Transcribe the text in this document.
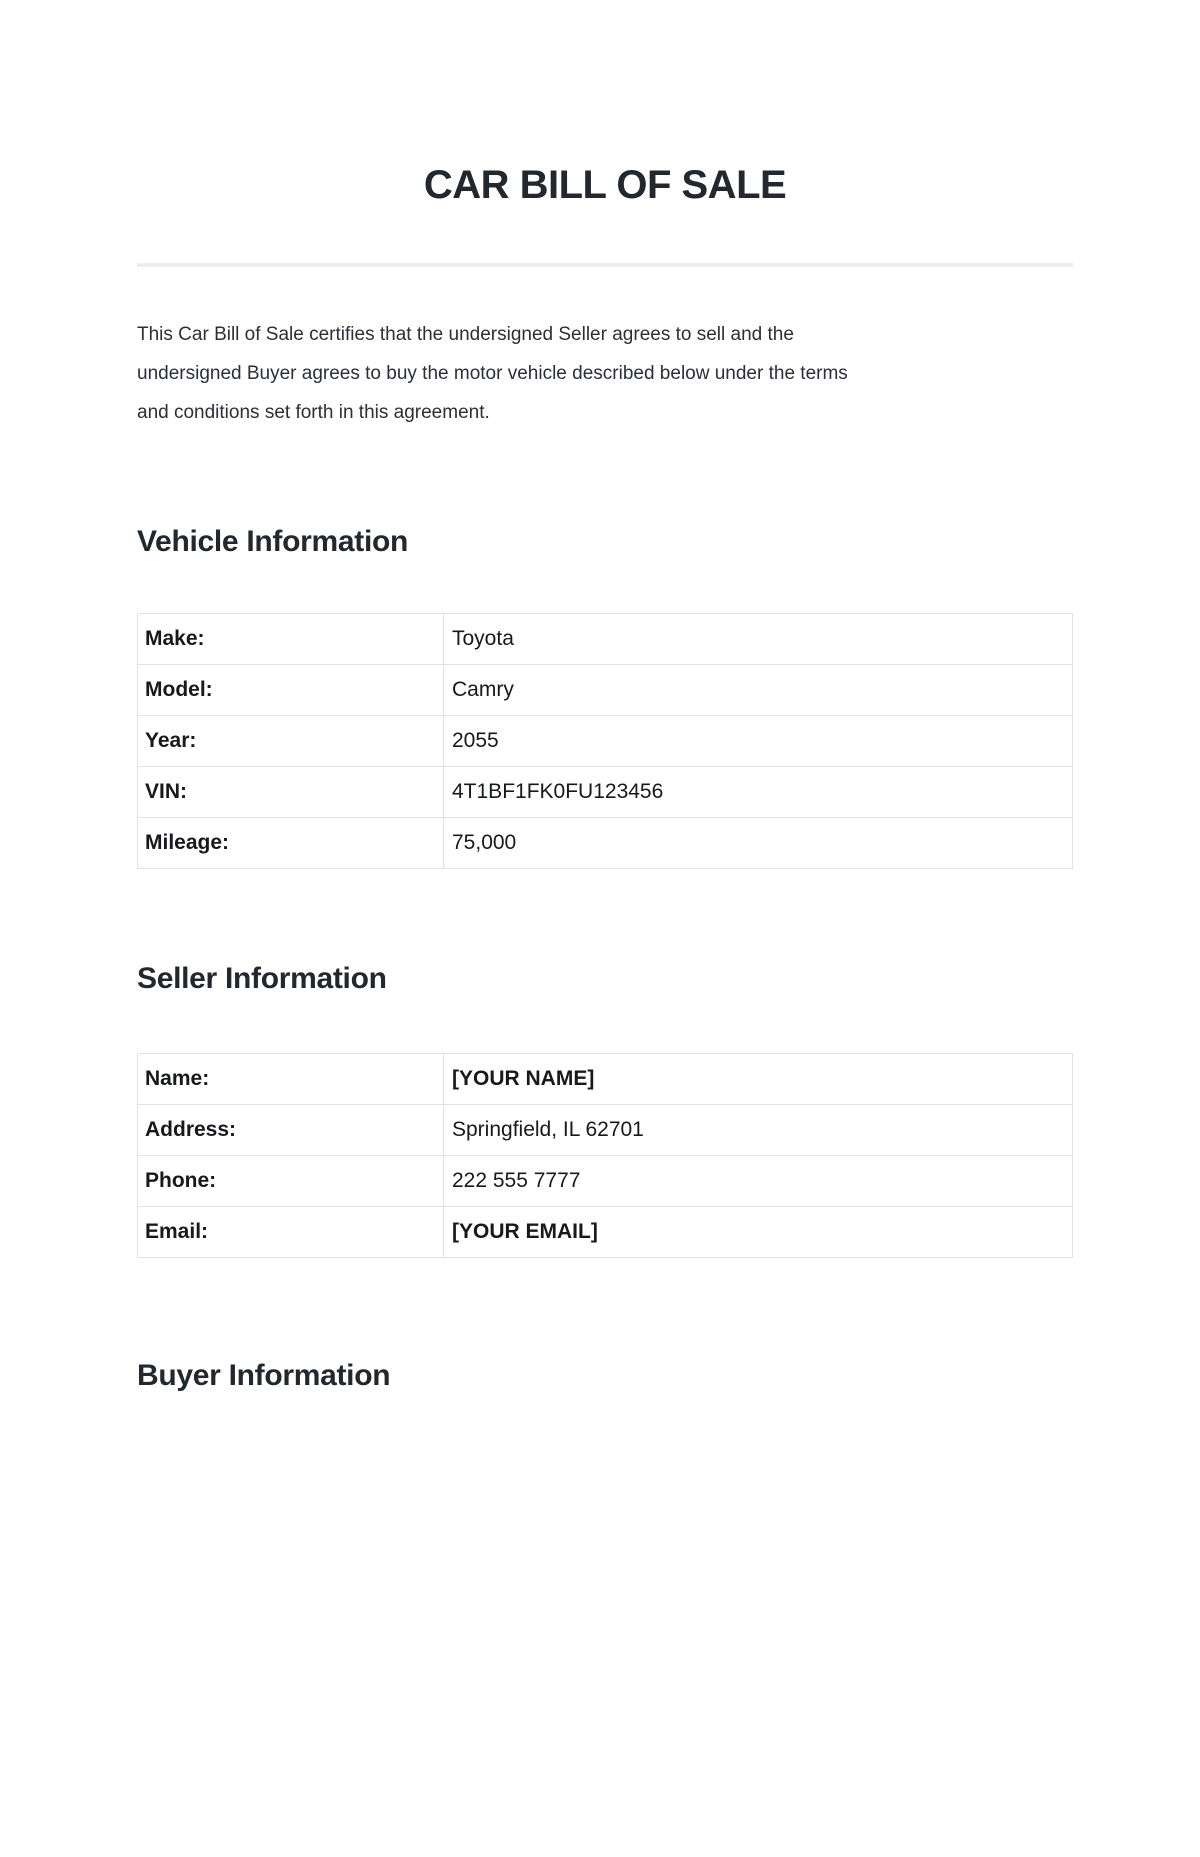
CAR BILL OF SALE
This Car Bill of Sale certifies that the undersigned Seller agrees to sell and the
undersigned Buyer agrees to buy the motor vehicle described below under the terms
and conditions set forth in this agreement.
Vehicle Information
Make:	Toyota
Model:	Camry
Year:	2055
VIN:	4T1BF1FK0FU123456
Mileage:	75,000
Seller Information
Name:	[YOUR NAME]
Address:	Springfield, IL 62701
Phone:	222 555 7777
Email:	[YOUR EMAIL]
Buyer Information
